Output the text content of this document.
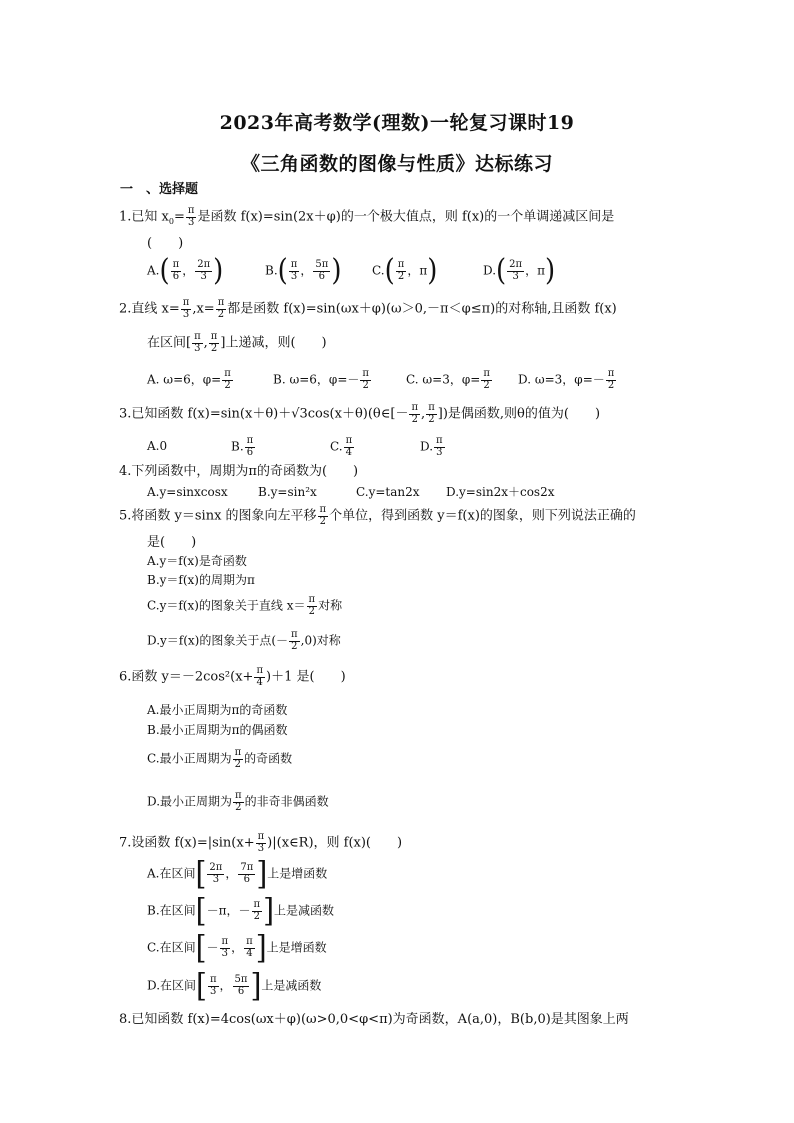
2023年高考数学(理数)一轮复习课时19
《三角函数的图像与性质》达标练习
一　、选择题
1.已知 $x_0= \frac{\pi}{3}$ 是函数 f(x)=sin(2x＋φ)的一个极大值点，则 f(x)的一个单调递减区间是
(　　)
$A.( \frac{\pi}{6}$ ， $\frac{2\pi}{3}$ )	$B.( \frac{\pi}{3}$ ， $\frac{5\pi}{6}$ )	$C.( \frac{\pi}{2}$ ，π)	$D.( \frac{2\pi}{3}$ ，π)
2.直线 $x= \frac{\pi}{3} ,x= \frac{\pi}{2}$ 都是函数 f(x)=sin(ωx＋φ)(ω＞0,－π＜φ≤π)的对称轴,且函数 f(x)
在区间[ $\frac{\pi}{3}$ , $\frac{\pi}{2}$ ]上递减，则(　　)
A. ω=6，$\varphi= \frac{\pi}{2}$	B. ω=6，$\varphi=- \frac{\pi}{2}$	C. ω=3，$\varphi= \frac{\pi}{2} D$. ω=3，$\varphi=- \frac{\pi}{2}$
3.已知函数 f(x)=sin(x＋θ)＋√3cos(x＋θ)(θ∈[－ $\frac{\pi}{2}$ , $\frac{\pi}{2}$ ])是偶函数,则θ的值为(　　)
A.0	B. $\frac{\pi}{6}$	C. $\frac{\pi}{4}$	D. $\frac{\pi}{3}$
4.下列函数中，周期为π的奇函数为(　　)
A.y=sinxcosx	B.y=sin²x	C.y=tan2x D.y=sin2x＋cos2x
5.将函数 y＝sinx 的图象向左平移 $\frac{\pi}{2}$ 个单位，得到函数 y＝f(x)的图象，则下列说法正确的
是(　　)
A.y＝f(x)是奇函数
B.y＝f(x)的周期为π
C.y＝f(x)的图象关于直线 $x= \frac{\pi}{2}$ 对称
D.y＝f(x)的图象关于点(－ $\frac{\pi}{2} ,0$)对称
6.函数 $y=-2\cos^2(x+ \frac{\pi}{4} )+1$ 是(　　)
A.最小正周期为π的奇函数
B.最小正周期为π的偶函数
C.最小正周期为 $\frac{\pi}{2}$ 的奇函数
D.最小正周期为 $\frac{\pi}{2}$ 的非奇非偶函数
7.设函数 $f(x)=|\sin(x+ \frac{\pi}{3}$ )|(x∈R)，则 f(x)(　　)
A.在区间[ $\frac{2\pi}{3}$ ， $\frac{7\pi}{6}$ ]上是增函数
B.在区间[－π，－ $\frac{\pi}{2}$ ]上是减函数
C.在区间[－ $\frac{\pi}{3}$ ， $\frac{\pi}{4}$ ]上是增函数
D.在区间[ $\frac{\pi}{3}$ ， $\frac{5\pi}{6}$ ]上是减函数
8.已知函数 f(x)=4cos(ωx＋φ)(ω>0,0<φ<π)为奇函数，A(a,0)，B(b,0)是其图象上两
